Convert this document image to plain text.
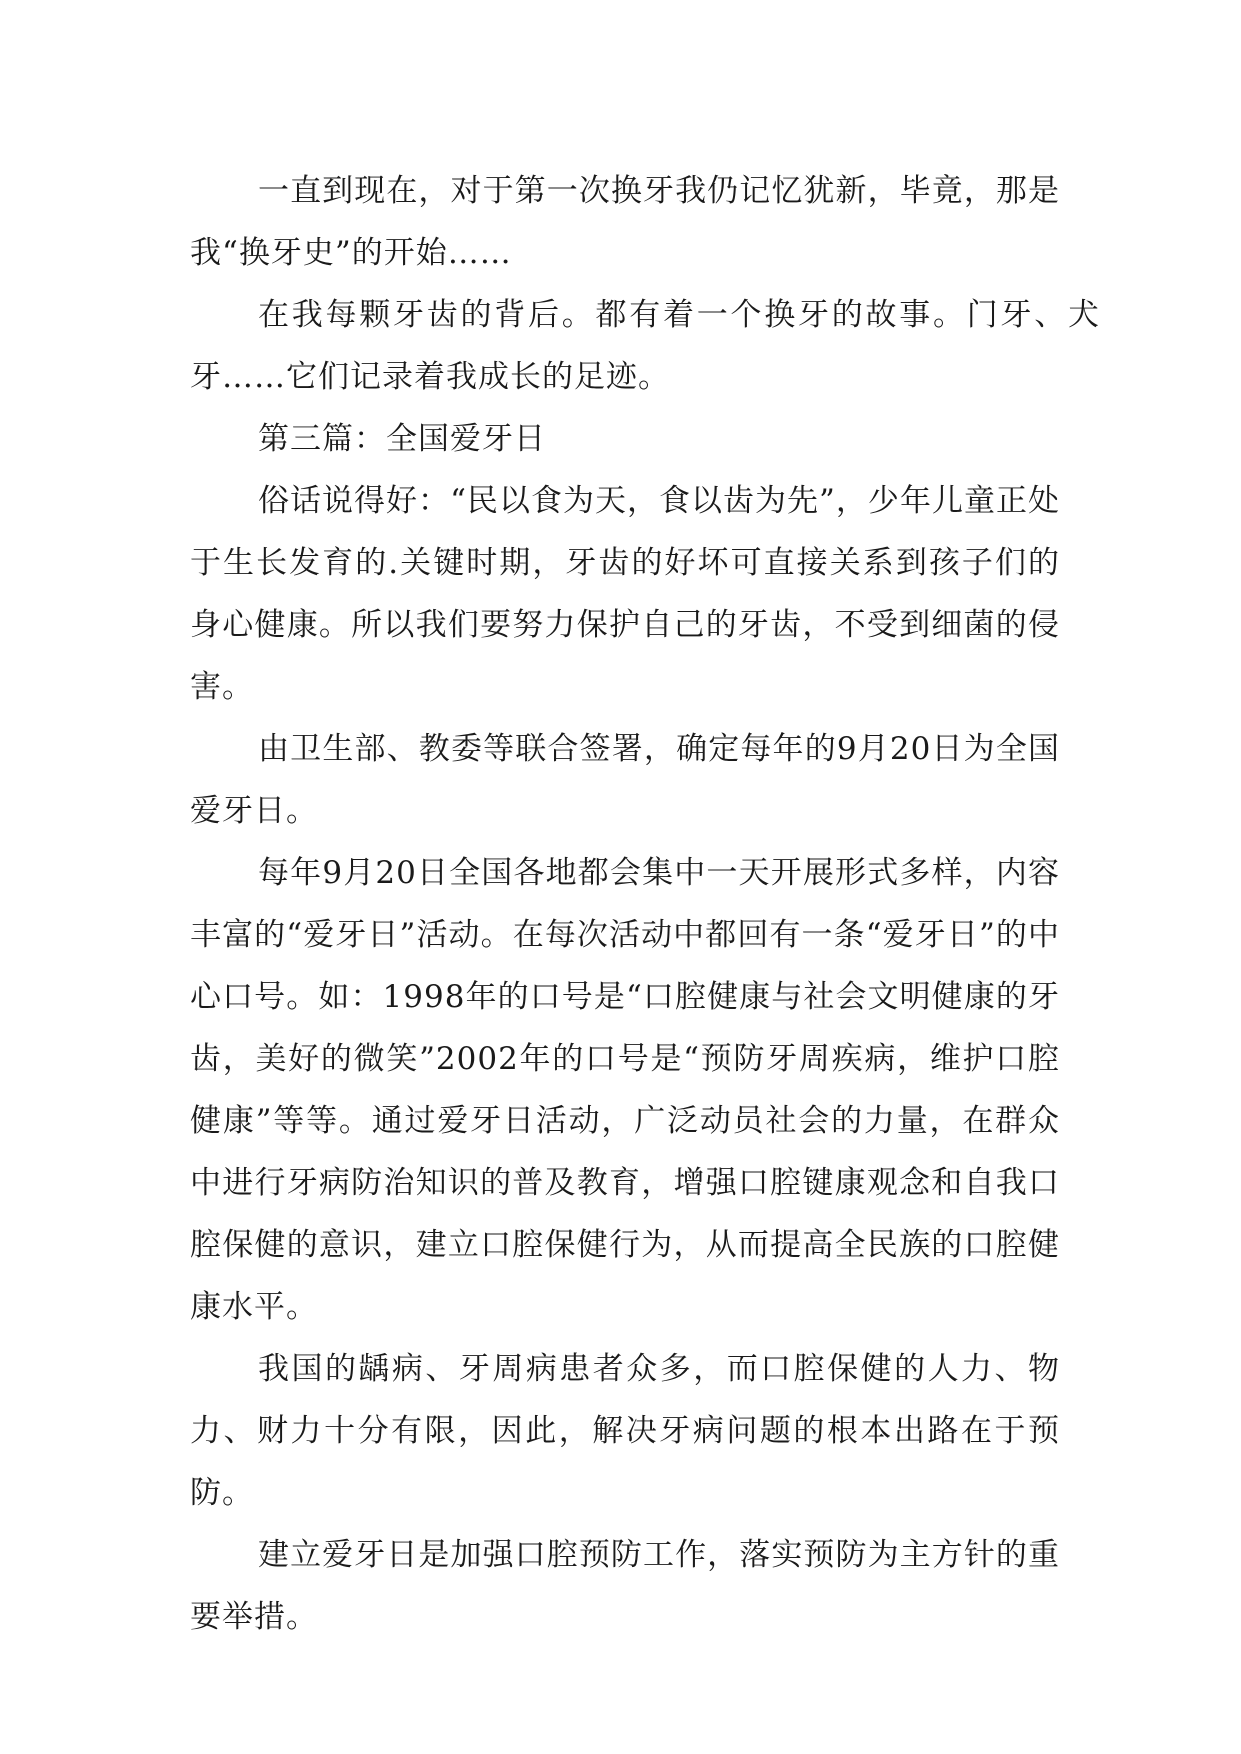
一直到现在，对于第一次换牙我仍记忆犹新，毕竟，那是我“换牙史”的开始……

在我每颗牙齿的背后。都有着一个换牙的故事。门牙、犬牙……它们记录着我成长的足迹。

第三篇：全国爱牙日

俗话说得好：“民以食为天，食以齿为先”，少年儿童正处于生长发育的.关键时期，牙齿的好坏可直接关系到孩子们的身心健康。所以我们要努力保护自己的牙齿，不受到细菌的侵害。

由卫生部、教委等联合签署，确定每年的9月20日为全国爱牙日。

每年9月20日全国各地都会集中一天开展形式多样，内容丰富的“爱牙日”活动。在每次活动中都回有一条“爱牙日”的中心口号。如：1998年的口号是“口腔健康与社会文明健康的牙齿，美好的微笑”2002年的口号是“预防牙周疾病，维护口腔健康”等等。通过爱牙日活动，广泛动员社会的力量，在群众中进行牙病防治知识的普及教育，增强口腔键康观念和自我口腔保健的意识，建立口腔保健行为，从而提高全民族的口腔健康水平。

我国的龋病、牙周病患者众多，而口腔保健的人力、物力、财力十分有限，因此，解决牙病问题的根本出路在于预防。

建立爱牙日是加强口腔预防工作，落实预防为主方针的重要举措。
